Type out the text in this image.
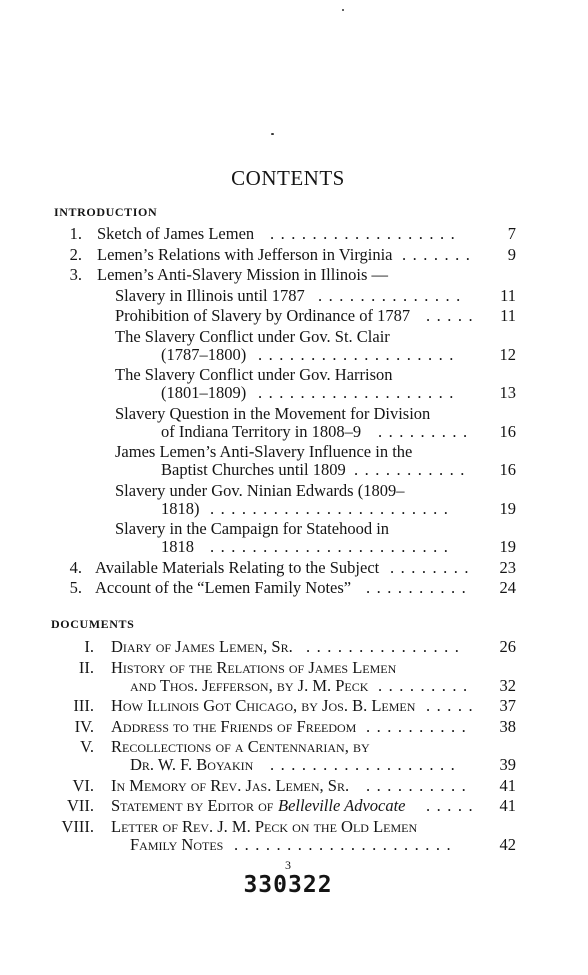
CONTENTS
INTRODUCTION
1. Sketch of James Lemen	7
..................
2. Lemen’s Relations with Jefferson in Virginia	9
.......
3. Lemen’s Anti-Slavery Mission in Illinois —
Slavery in Illinois until 1787	11
..............
Prohibition of Slavery by Ordinance of 1787	11
.....
The Slavery Conflict under Gov. St. Clair
(1787–1800)	12
...................
The Slavery Conflict under Gov. Harrison
(1801–1809)	13
...................
Slavery Question in the Movement for Division
of Indiana Territory in 1808–9	16
.........
James Lemen’s Anti-Slavery Influence in the
Baptist Churches until 1809	16
...........
Slavery under Gov. Ninian Edwards (1809–
1818)	19
.......................
Slavery in the Campaign for Statehood in
1818	19
.......................
4. Available Materials Relating to the Subject	23
........
5. Account of the “Lemen Family Notes”	24
..........
DOCUMENTS
I. Diary of James Lemen, Sr.	26
...............
II. History of the Relations of James Lemen
and Thos. Jefferson, by J. M. Peck	32
.........
III. How Illinois Got Chicago, by Jos. B. Lemen	37
.....
IV. Address to the Friends of Freedom	38
..........
V. Recollections of a Centennarian, by
Dr. W. F. Boyakin	39
..................
VI. In Memory of Rev. Jas. Lemen, Sr.	41
..........
VII. Statement by Editor of Belleville Advocate	41
.....
VIII. Letter of Rev. J. M. Peck on the Old Lemen
Family Notes	42
.....................
3
330322
